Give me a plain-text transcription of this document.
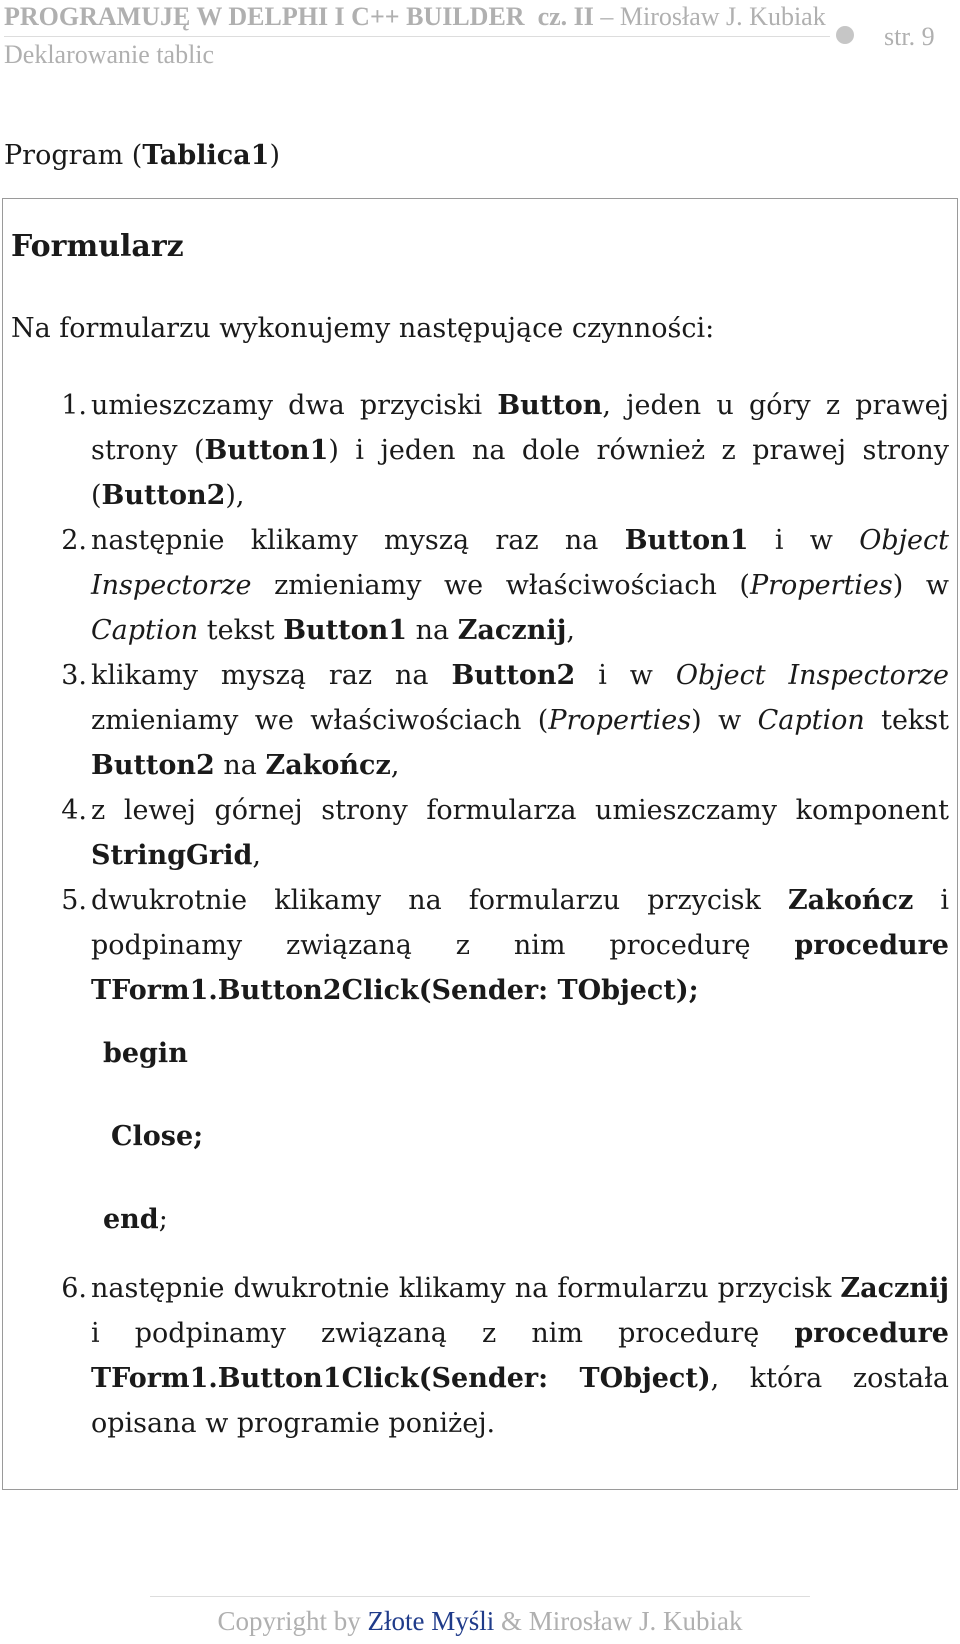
PROGRAMUJĘ W DELPHI I C++ BUILDER cz. II – Mirosław J. Kubiak
Deklarowanie tablic
str. 9
Program (Tablica1)
Formularz
Na formularzu wykonujemy następujące czynności:
1. umieszczamy dwa przyciski Button, jeden u góry z prawej strony (Button1) i jeden na dole również z prawej strony (Button2),
2. następnie klikamy myszą raz na Button1 i w Object Inspectorze zmieniamy we właściwościach (Properties) w Caption tekst Button1 na Zacznij,
3. klikamy myszą raz na Button2 i w Object Inspectorze zmieniamy we właściwościach (Properties) w Caption tekst Button2 na Zakończ,
4. z lewej górnej strony formularza umieszczamy komponent StringGrid,
5. dwukrotnie klikamy na formularzu przycisk Zakończ i podpinamy związaną z nim procedurę procedure TForm1.Button2Click(Sender: TObject);
begin
Close;
end;
6. następnie dwukrotnie klikamy na formularzu przycisk Zacznij i podpinamy związaną z nim procedurę procedure TForm1.Button1Click(Sender: TObject), która została opisana w programie poniżej.
Copyright by Złote Myśli & Mirosław J. Kubiak
